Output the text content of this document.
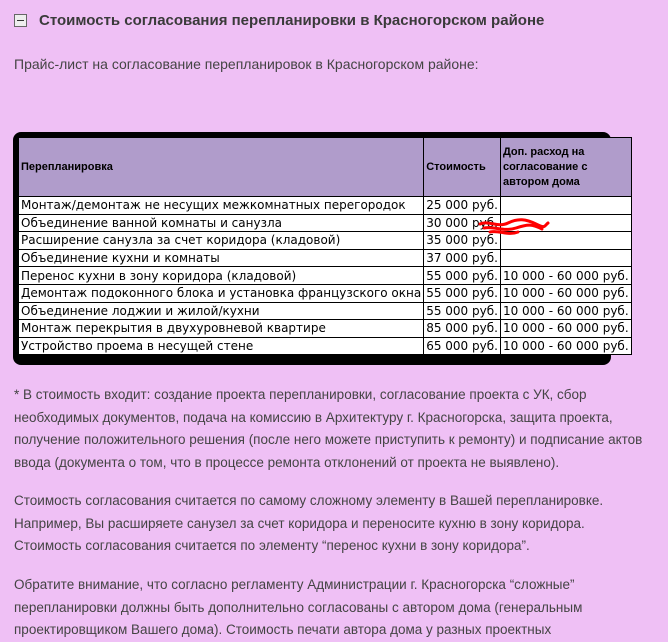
Стоимость согласования перепланировки в Красногорском районе
Прайс-лист на согласование перепланировок в Красногорском районе:
Перепланировка	Стоимость	Доп. расход на согласование с автором дома
Монтаж/демонтаж не несущих межкомнатных перегородок	25 000 руб.	
Объединение ванной комнаты и санузла	30 000 руб.	
Расширение санузла за счет коридора (кладовой)	35 000 руб.	
Объединение кухни и комнаты	37 000 руб.	
Перенос кухни в зону коридора (кладовой)	55 000 руб.	10 000 - 60 000 руб.
Демонтаж подоконного блока и установка французского окна	55 000 руб.	10 000 - 60 000 руб.
Объединение лоджии и жилой/кухни	55 000 руб.	10 000 - 60 000 руб.
Монтаж перекрытия в двухуровневой квартире	85 000 руб.	10 000 - 60 000 руб.
Устройство проема в несущей стене	65 000 руб.	10 000 - 60 000 руб.
* В стоимость входит: создание проекта перепланировки, согласование проекта с УК, сбор необходимых документов, подача на комиссию в Архитектуру г. Красногорска, защита проекта, получение положительного решения (после него можете приступить к ремонту) и подписание актов ввода (документа о том, что в процессе ремонта отклонений от проекта не выявлено).
Стоимость согласования считается по самому сложному элементу в Вашей перепланировке. Например, Вы расширяете санузел за счет коридора и переносите кухню в зону коридора. Стоимость согласования считается по элементу “перенос кухни в зону коридора”.
Обратите внимание, что согласно регламенту Администрации г. Красногорска “сложные” перепланировки должны быть дополнительно согласованы с автором дома (генеральным проектировщиком Вашего дома). Стоимость печати автора дома у разных проектных
